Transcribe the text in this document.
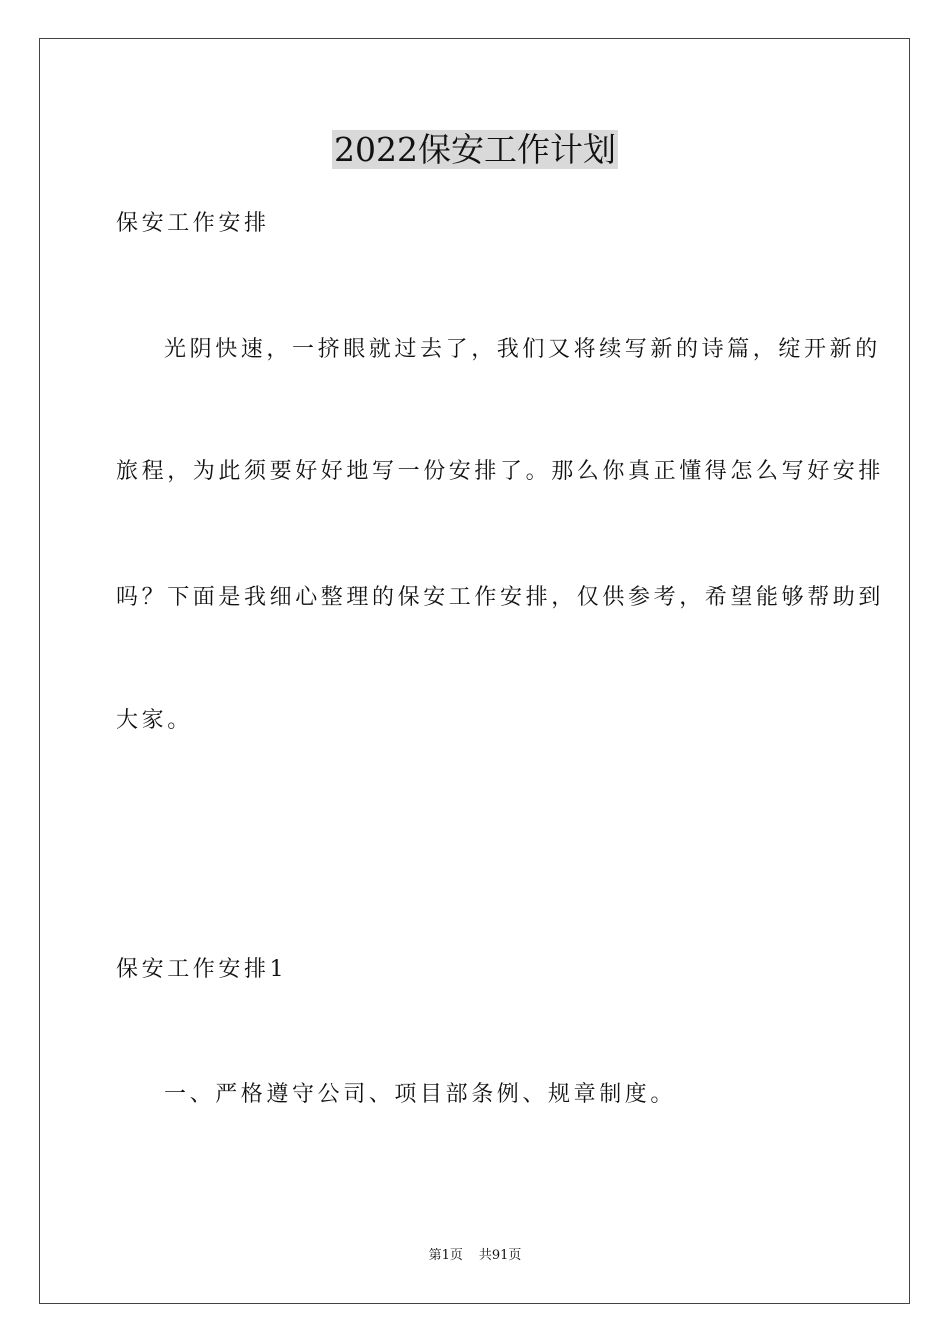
2022保安工作计划

保安工作安排

光阴快速，一挤眼就过去了，我们又将续写新的诗篇，绽开新的

旅程，为此须要好好地写一份安排了。那么你真正懂得怎么写好安排

吗？下面是我细心整理的保安工作安排，仅供参考，希望能够帮助到

大家。

保安工作安排1

一、严格遵守公司、项目部条例、规章制度。

第1页 共91页
